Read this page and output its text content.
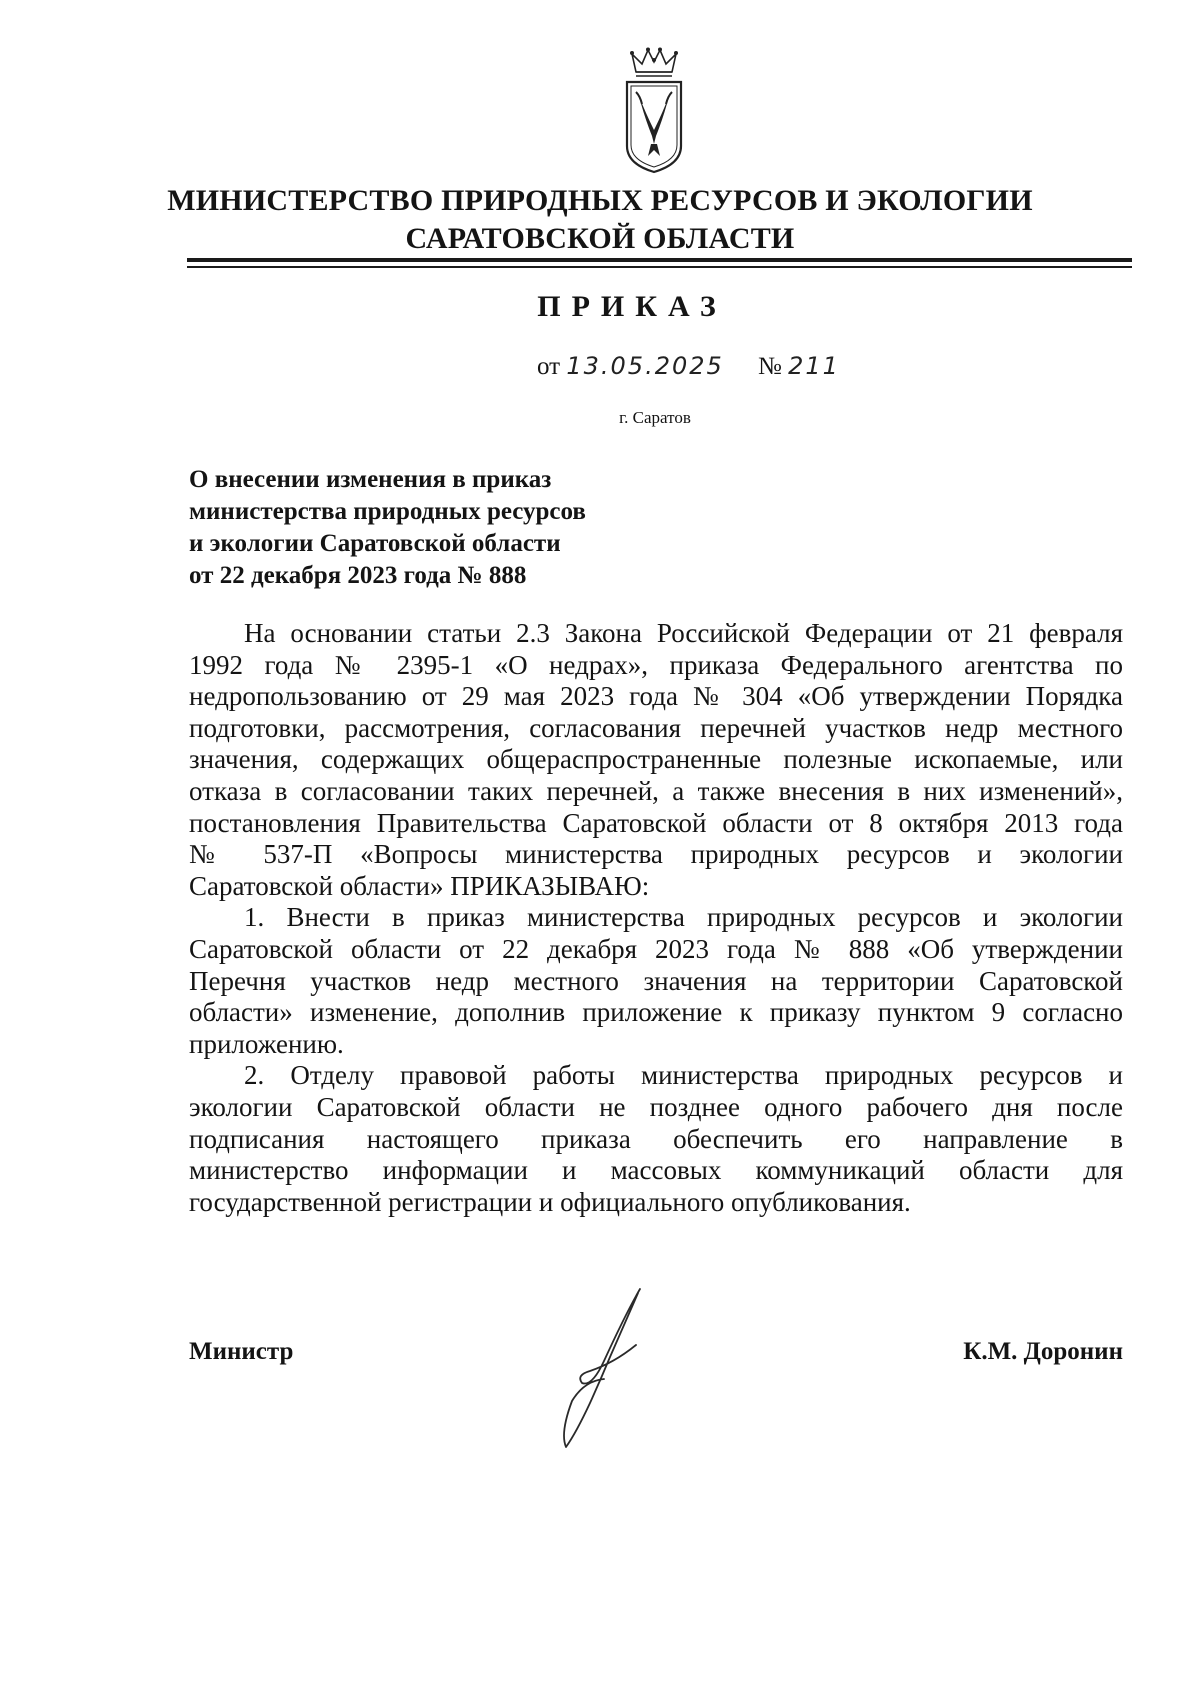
МИНИСТЕРСТВО ПРИРОДНЫХ РЕСУРСОВ И ЭКОЛОГИИ
САРАТОВСКОЙ ОБЛАСТИ
ПРИКАЗ
от 13.05.2025 № 211
г. Саратов
О внесении изменения в приказ
министерства природных ресурсов
и экологии Саратовской области
от 22 декабря 2023 года № 888
На основании статьи 2.3 Закона Российской Федерации от 21 февраля
1992 года № 2395-1 «О недрах», приказа Федерального агентства по
недропользованию от 29 мая 2023 года № 304 «Об утверждении Порядка
подготовки, рассмотрения, согласования перечней участков недр местного
значения, содержащих общераспространенные полезные ископаемые, или
отказа в согласовании таких перечней, а также внесения в них изменений»,
постановления Правительства Саратовской области от 8 октября 2013 года
№ 537-П «Вопросы министерства природных ресурсов и экологии
Саратовской области» ПРИКАЗЫВАЮ:
1. Внести в приказ министерства природных ресурсов и экологии
Саратовской области от 22 декабря 2023 года № 888 «Об утверждении
Перечня участков недр местного значения на территории Саратовской
области» изменение, дополнив приложение к приказу пунктом 9 согласно
приложению.
2. Отделу правовой работы министерства природных ресурсов и
экологии Саратовской области не позднее одного рабочего дня после
подписания настоящего приказа обеспечить его направление в
министерство информации и массовых коммуникаций области для
государственной регистрации и официального опубликования.
Министр	К.М. Доронин
